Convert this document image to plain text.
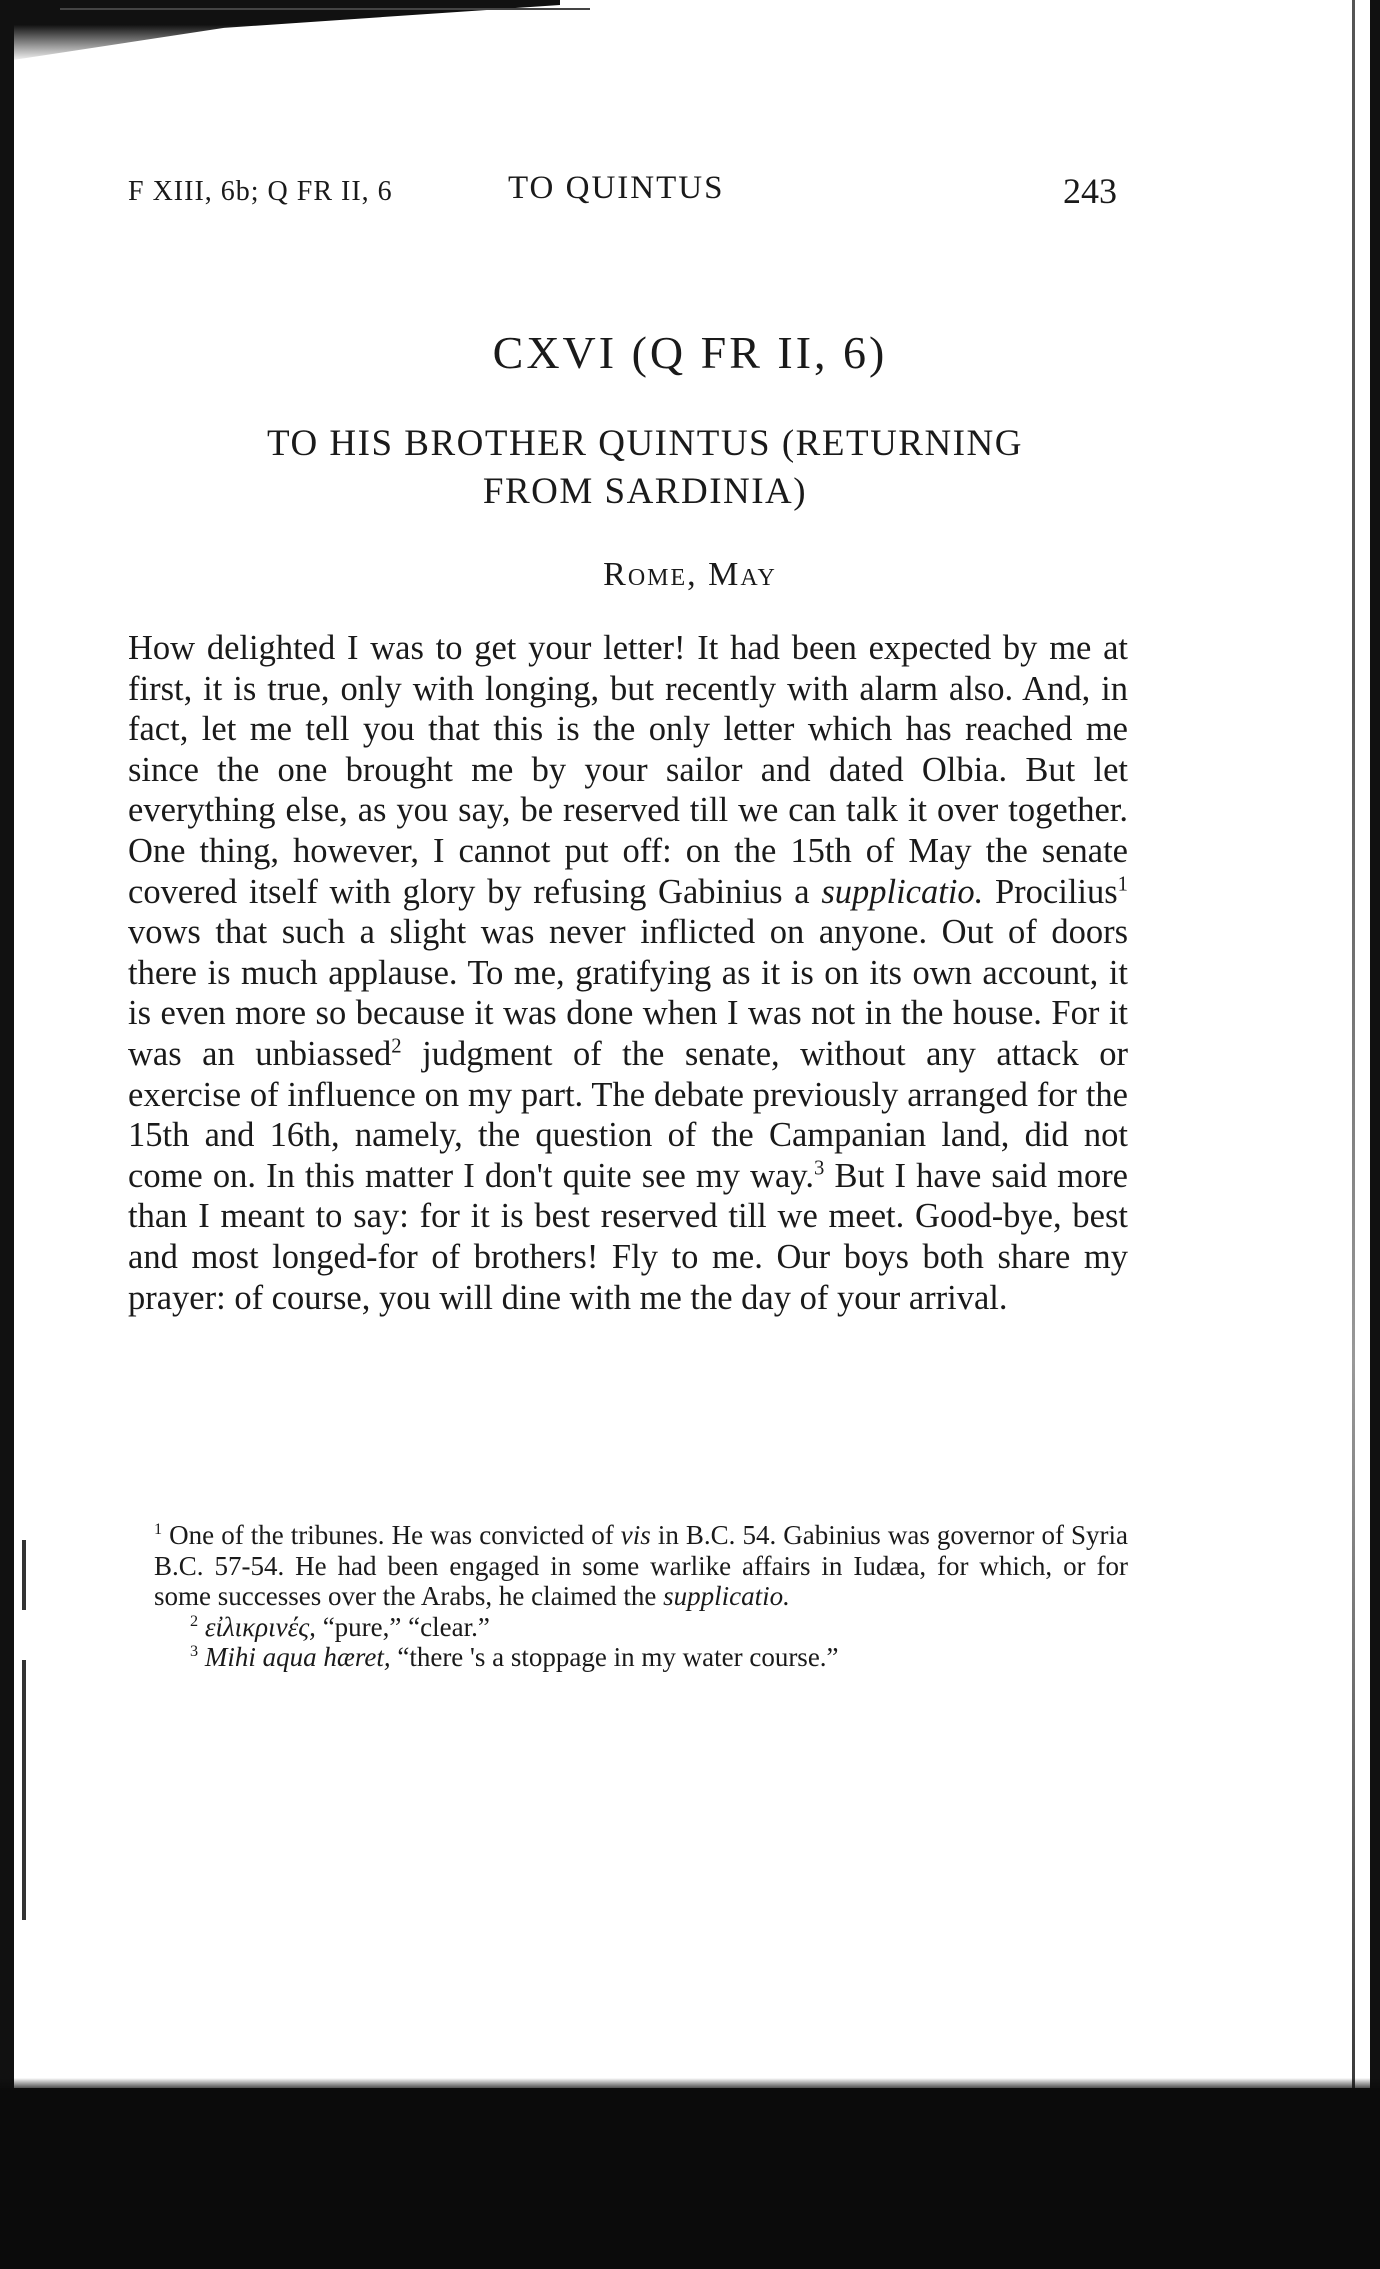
F XIII, 6b; Q FR II, 6	TO QUINTUS	243
CXVI (Q FR II, 6)
TO HIS BROTHER QUINTUS (RETURNING
FROM SARDINIA)
Rome, May

How delighted I was to get your letter! It had been expected by me at first, it is true, only with longing, but recently with alarm also. And, in fact, let me tell you that this is the only letter which has reached me since the one brought me by your sailor and dated Olbia. But let everything else, as you say, be reserved till we can talk it over together. One thing, however, I cannot put off: on the 15th of May the senate covered itself with glory by refusing Gabinius a supplicatio. Procilius$^1$ vows that such a slight was never inflicted on anyone. Out of doors there is much applause. To me, gratifying as it is on its own account, it is even more so because it was done when I was not in the house. For it was an unbiassed$^2$ judgment of the senate, without any attack or exercise of influence on my part. The debate previously arranged for the 15th and 16th, namely, the question of the Campanian land, did not come on. In this matter I don't quite see my way.$^3$ But I have said more than I meant to say: for it is best reserved till we meet. Good-bye, best and most longed-for of brothers! Fly to me. Our boys both share my prayer: of course, you will dine with me the day of your arrival.

$^1$ One of the tribunes. He was convicted of vis in B.C. 54. Gabinius was governor of Syria B.C. 57-54. He had been engaged in some warlike affairs in Iudæa, for which, or for some successes over the Arabs, he claimed the supplicatio.

$^2$ εἰλικρινές, “pure,” “clear.”

$^3$ Mihi aqua hæret, “there 's a stoppage in my water course.”
